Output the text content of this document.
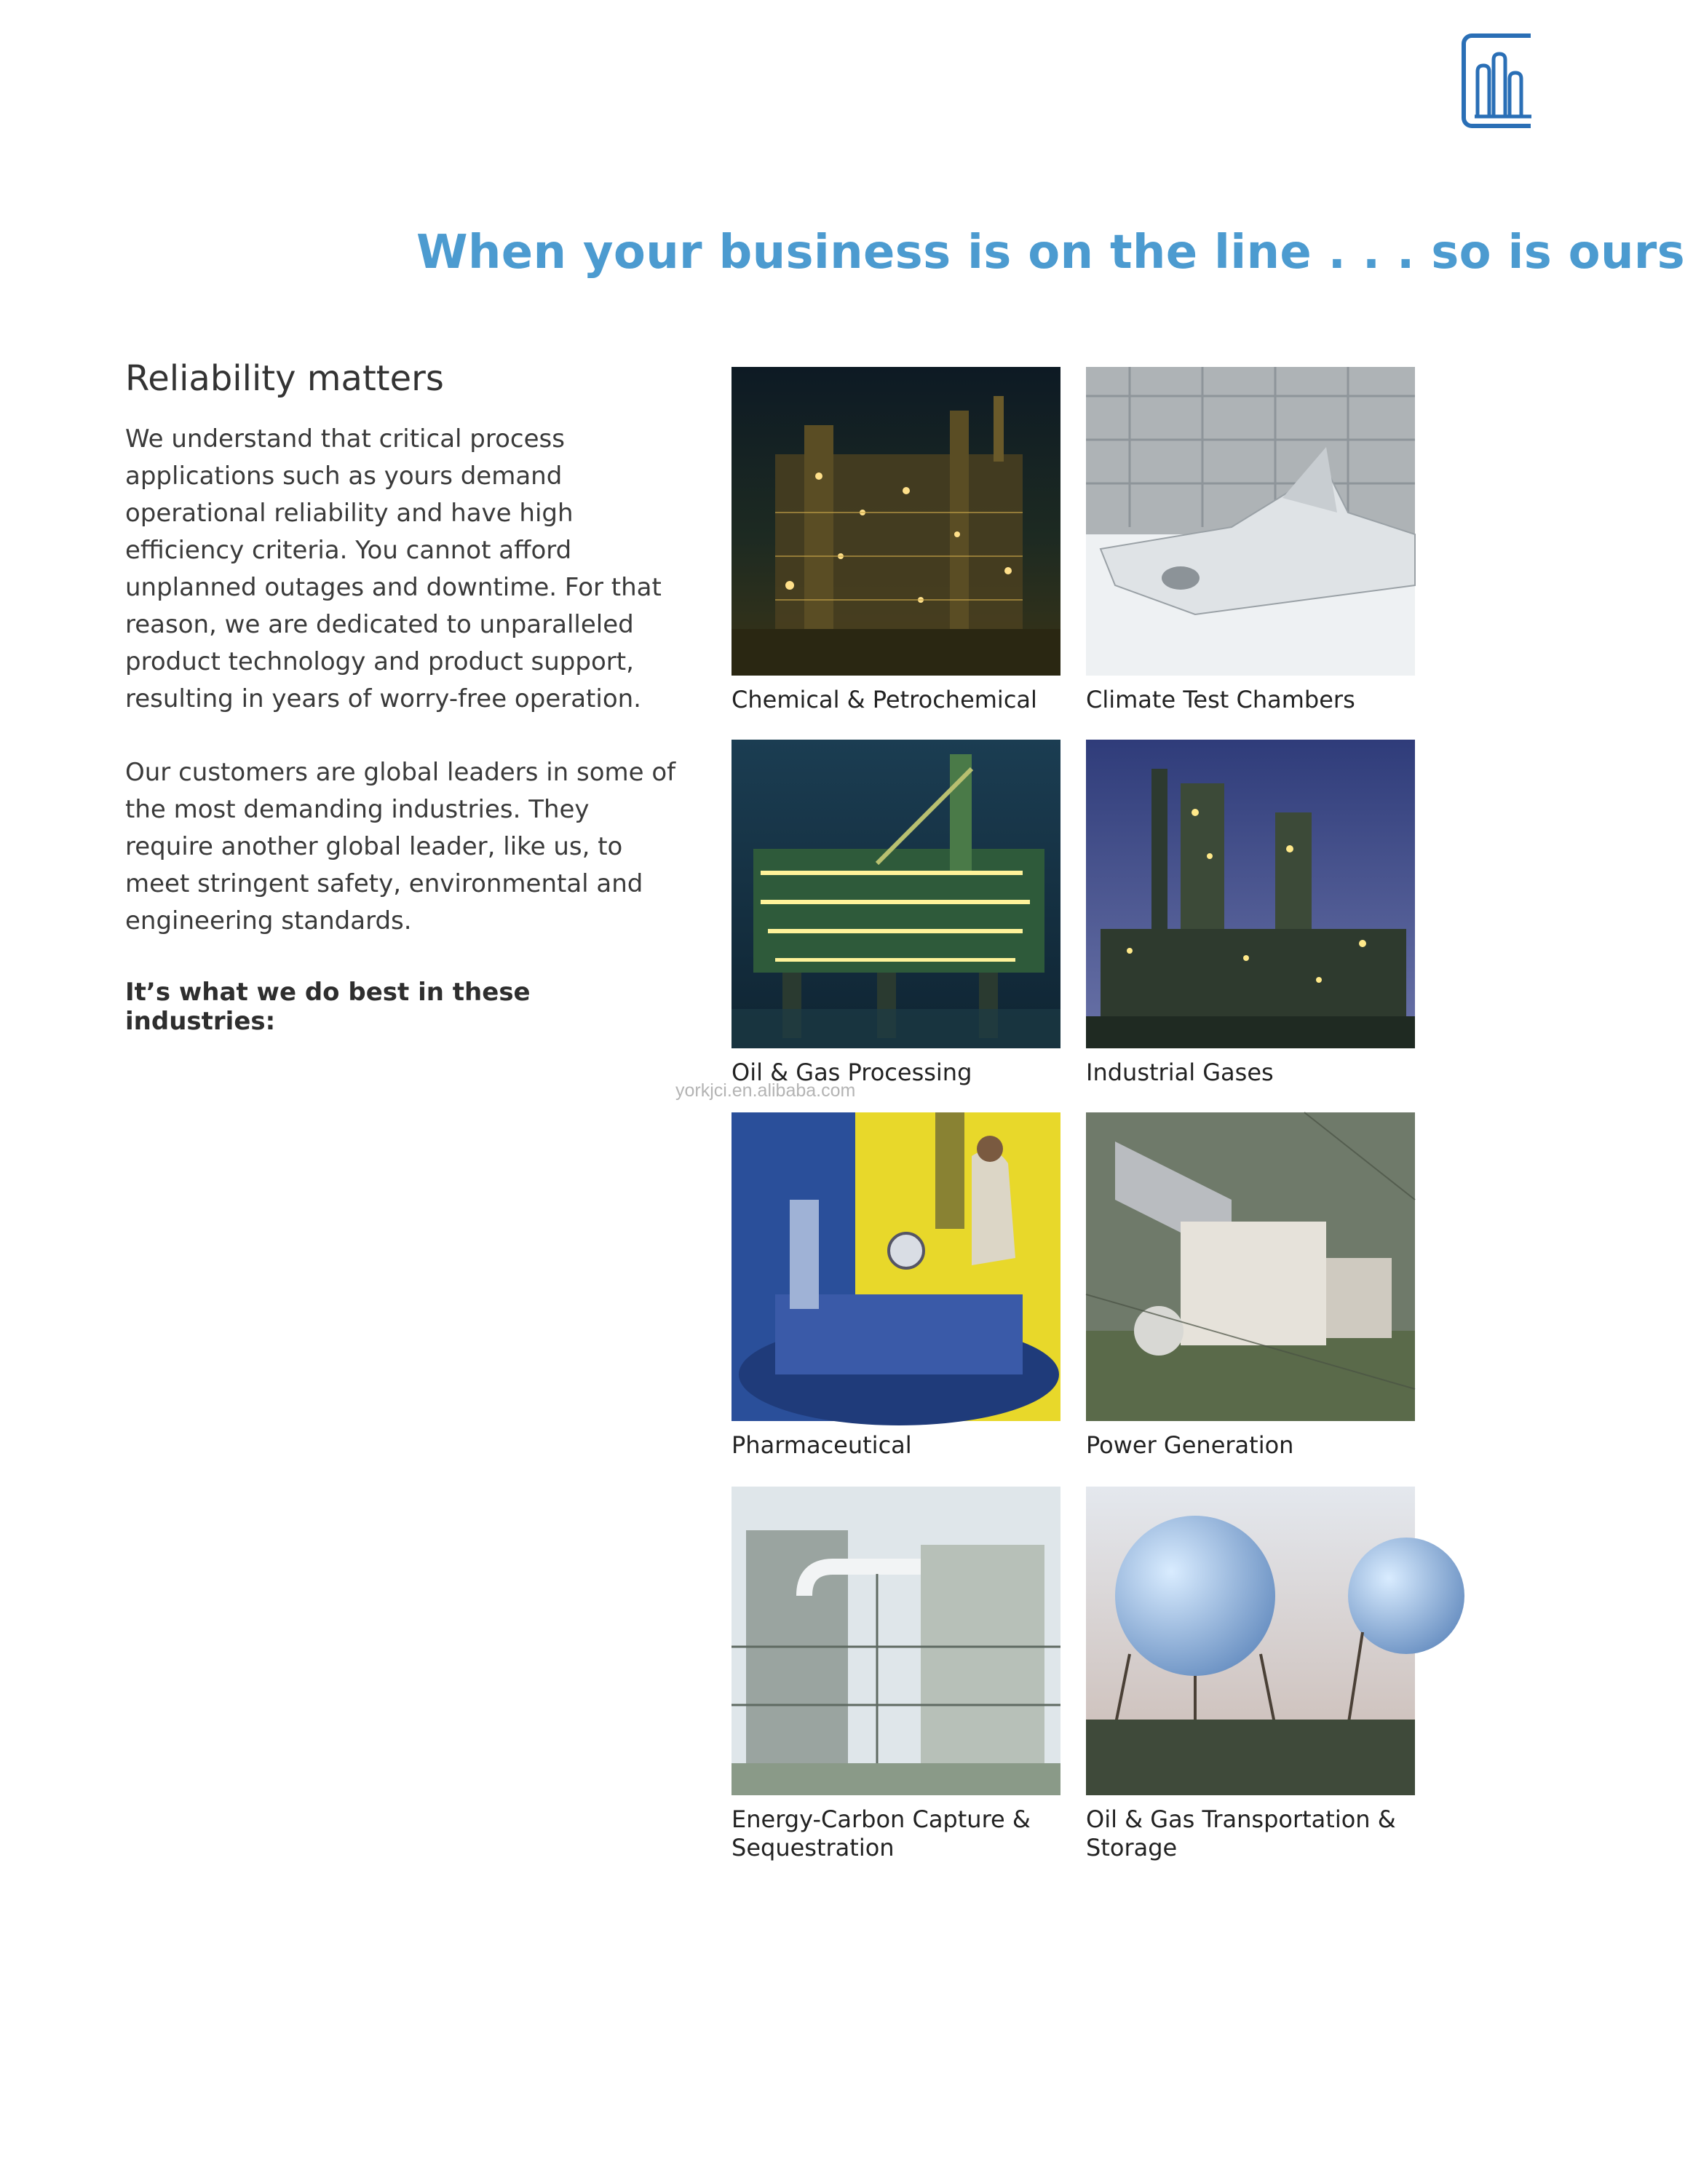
When your business is on the line . . . so is ours
Reliability matters

We understand that critical process applications such as yours demand operational reliability and have high efficiency criteria. You cannot afford unplanned outages and downtime. For that reason, we are dedicated to unparalleled product technology and product support, resulting in years of worry-free operation.

Our customers are global leaders in some of the most demanding industries. They require another global leader, like us, to meet stringent safety, environmental and engineering standards.

It’s what we do best in these industries:

Chemical & Petrochemical	Climate Test Chambers
Oil & Gas Processing	Industrial Gases
Pharmaceutical	Power Generation
Energy-Carbon Capture & Sequestration
Oil & Gas Transportation & Storage
yorkjci.en.alibaba.com
